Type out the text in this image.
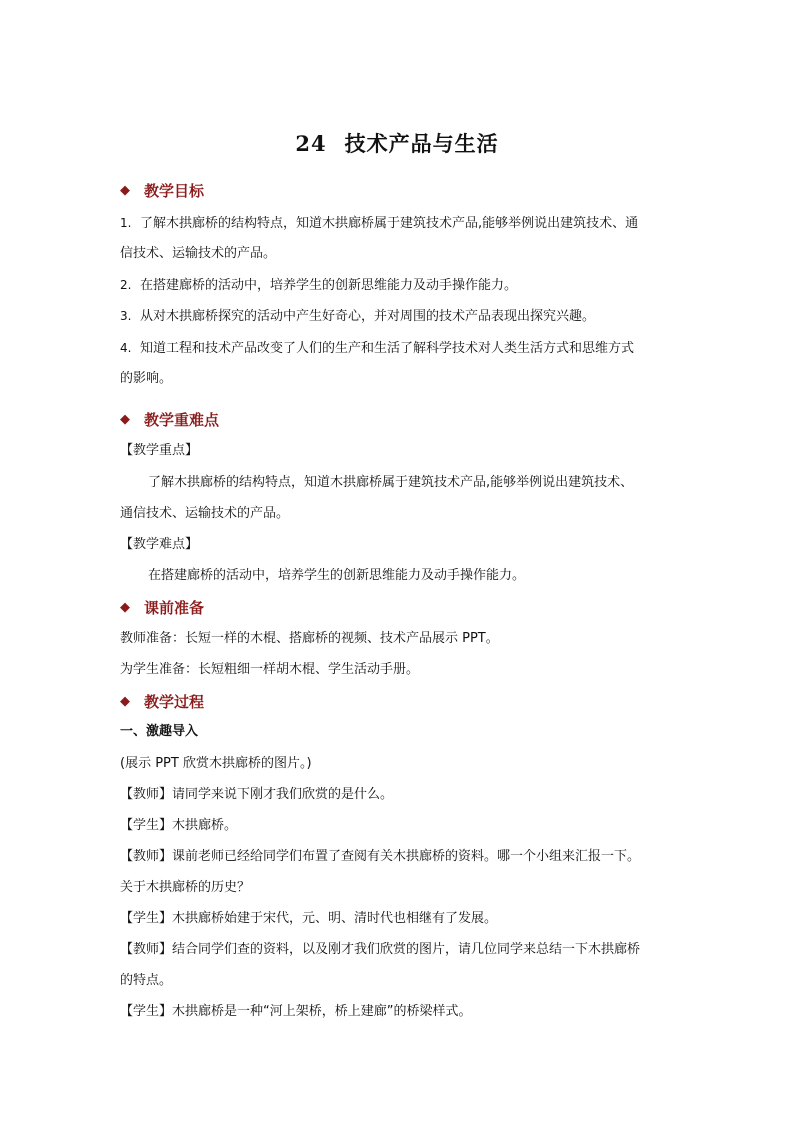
24 技术产品与生活
◆ 教学目标
1. 了解木拱廊桥的结构特点，知道木拱廊桥属于建筑技术产品,能够举例说出建筑技术、通
信技术、运输技术的产品。
2. 在搭建廊桥的活动中，培养学生的创新思维能力及动手操作能力。
3. 从对木拱廊桥探究的活动中产生好奇心，并对周围的技术产品表现出探究兴趣。
4. 知道工程和技术产品改变了人们的生产和生活了解科学技术对人类生活方式和思维方式
的影响。
◆ 教学重难点
【教学重点】
了解木拱廊桥的结构特点，知道木拱廊桥属于建筑技术产品,能够举例说出建筑技术、
通信技术、运输技术的产品。
【教学难点】
在搭建廊桥的活动中，培养学生的创新思维能力及动手操作能力。
◆ 课前准备
教师准备：长短一样的木棍、搭廊桥的视频、技术产品展示 PPT。
为学生准备：长短粗细一样胡木棍、学生活动手册。
◆ 教学过程
一、激趣导入
(展示 PPT 欣赏木拱廊桥的图片。)
【教师】请同学来说下刚才我们欣赏的是什么。
【学生】木拱廊桥。
【教师】课前老师已经给同学们布置了查阅有关木拱廊桥的资料。哪一个小组来汇报一下。
关于木拱廊桥的历史？
【学生】木拱廊桥始建于宋代，元、明、清时代也相继有了发展。
【教师】结合同学们查的资料，以及刚才我们欣赏的图片，请几位同学来总结一下木拱廊桥
的特点。
【学生】木拱廊桥是一种“河上架桥，桥上建廊”的桥梁样式。
